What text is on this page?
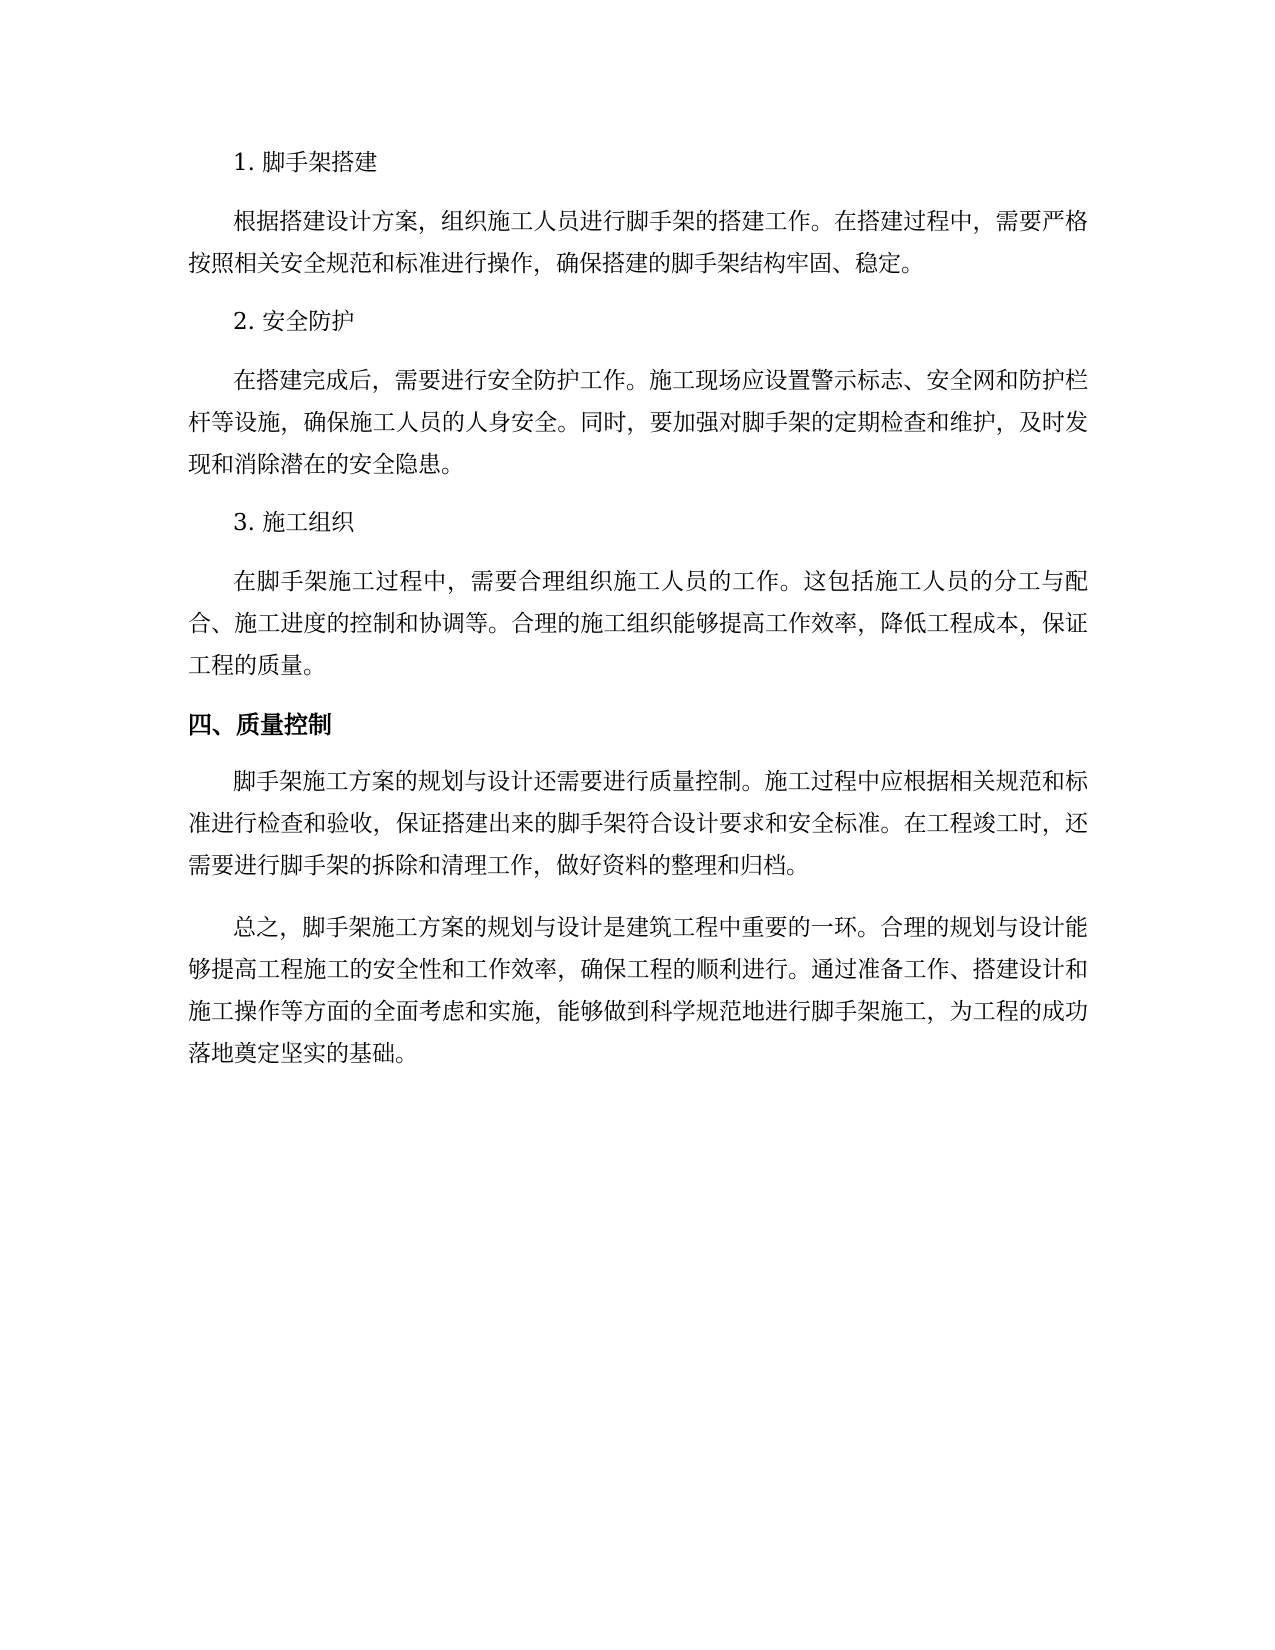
1. 脚手架搭建
根据搭建设计方案，组织施工人员进行脚手架的搭建工作。在搭建过程中，需要严格按照相关安全规范和标准进行操作，确保搭建的脚手架结构牢固、稳定。
2. 安全防护
在搭建完成后，需要进行安全防护工作。施工现场应设置警示标志、安全网和防护栏杆等设施，确保施工人员的人身安全。同时，要加强对脚手架的定期检查和维护，及时发现和消除潜在的安全隐患。
3. 施工组织
在脚手架施工过程中，需要合理组织施工人员的工作。这包括施工人员的分工与配合、施工进度的控制和协调等。合理的施工组织能够提高工作效率，降低工程成本，保证工程的质量。
四、质量控制
脚手架施工方案的规划与设计还需要进行质量控制。施工过程中应根据相关规范和标准进行检查和验收，保证搭建出来的脚手架符合设计要求和安全标准。在工程竣工时，还需要进行脚手架的拆除和清理工作，做好资料的整理和归档。
总之，脚手架施工方案的规划与设计是建筑工程中重要的一环。合理的规划与设计能够提高工程施工的安全性和工作效率，确保工程的顺利进行。通过准备工作、搭建设计和施工操作等方面的全面考虑和实施，能够做到科学规范地进行脚手架施工，为工程的成功落地奠定坚实的基础。
